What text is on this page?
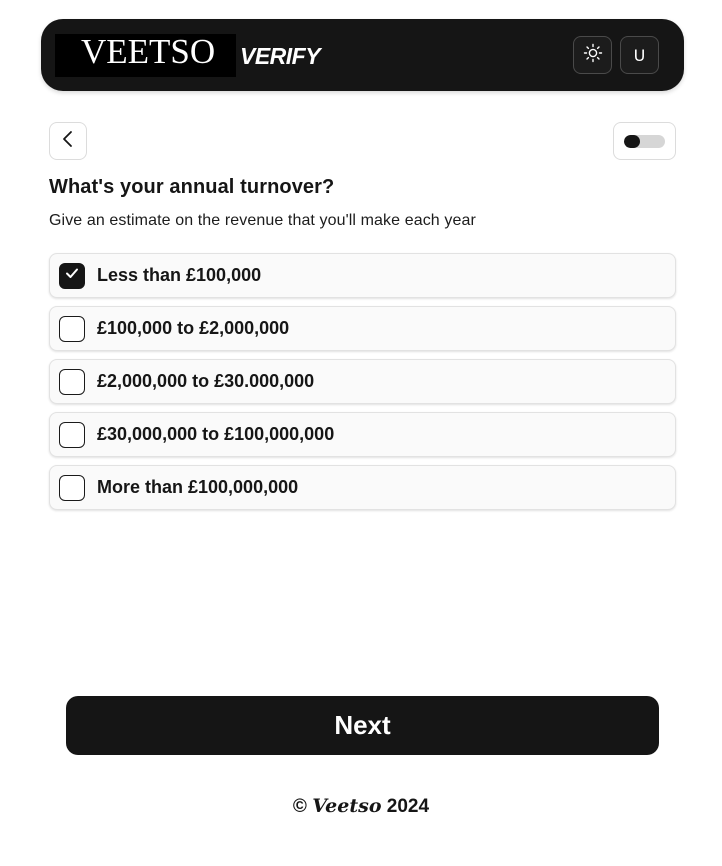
VEETSO VERIFY	U
What's your annual turnover?

Give an estimate on the revenue that you'll make each year

Less than £100,000
£100,000 to £2,000,000
£2,000,000 to £30.000,000
£30,000,000 to £100,000,000
More than £100,000,000
Next
© Veetso 2024
